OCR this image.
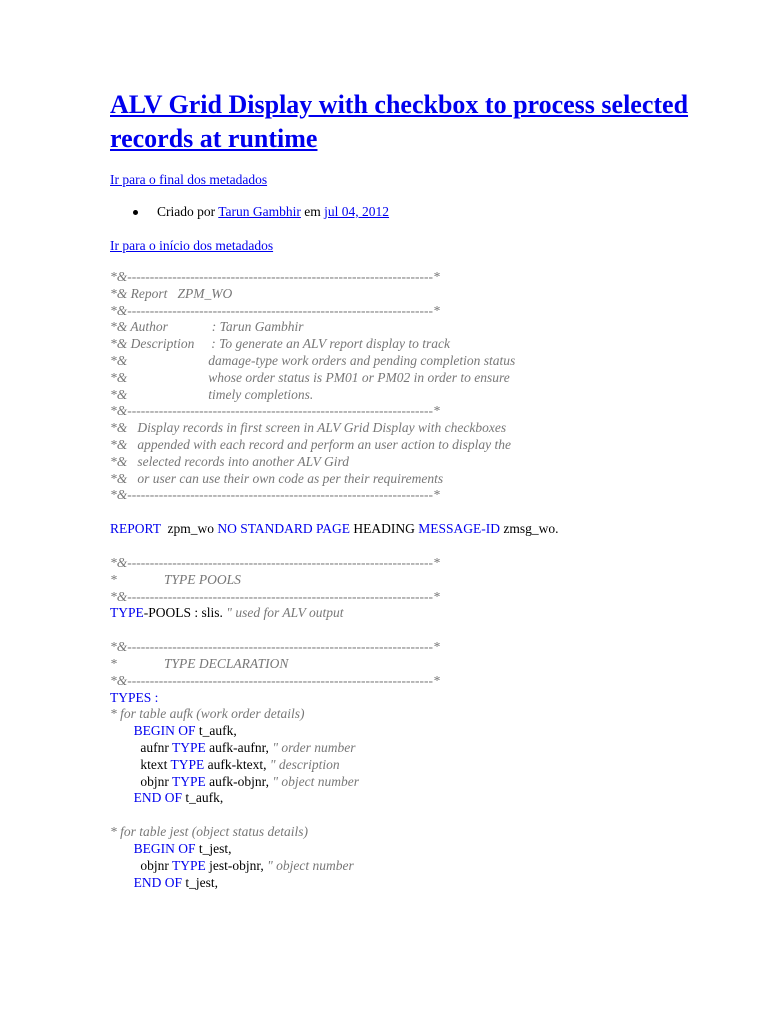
ALV Grid Display with checkbox to process selected records at runtime
Ir para o final dos metadados
Criado por Tarun Gambhir em jul 04, 2012
Ir para o início dos metadados
*&--------------------------------------------------------------------*
*& Report   ZPM_WO
*&--------------------------------------------------------------------*
*& Author             : Tarun Gambhir
*& Description     : To generate an ALV report display to track
*&                        damage-type work orders and pending completion status
*&                        whose order status is PM01 or PM02 in order to ensure
*&                        timely completions.
*&--------------------------------------------------------------------*
*&   Display records in first screen in ALV Grid Display with checkboxes
*&   appended with each record and perform an user action to display the
*&   selected records into another ALV Gird
*&   or user can use their own code as per their requirements
*&--------------------------------------------------------------------*
REPORT  zpm_wo NO STANDARD PAGE HEADING MESSAGE-ID zmsg_wo.
*&--------------------------------------------------------------------*
*              TYPE POOLS
*&--------------------------------------------------------------------*
TYPE-POOLS : slis. " used for ALV output
*&--------------------------------------------------------------------*
*              TYPE DECLARATION
*&--------------------------------------------------------------------*
TYPES :
* for table aufk (work order details)
BEGIN OF t_aufk,
aufnr TYPE aufk-aufnr, " order number
ktext TYPE aufk-ktext, " description
objnr TYPE aufk-objnr, " object number
END OF t_aufk,
* for table jest (object status details)
BEGIN OF t_jest,
objnr TYPE jest-objnr, " object number
END OF t_jest,
